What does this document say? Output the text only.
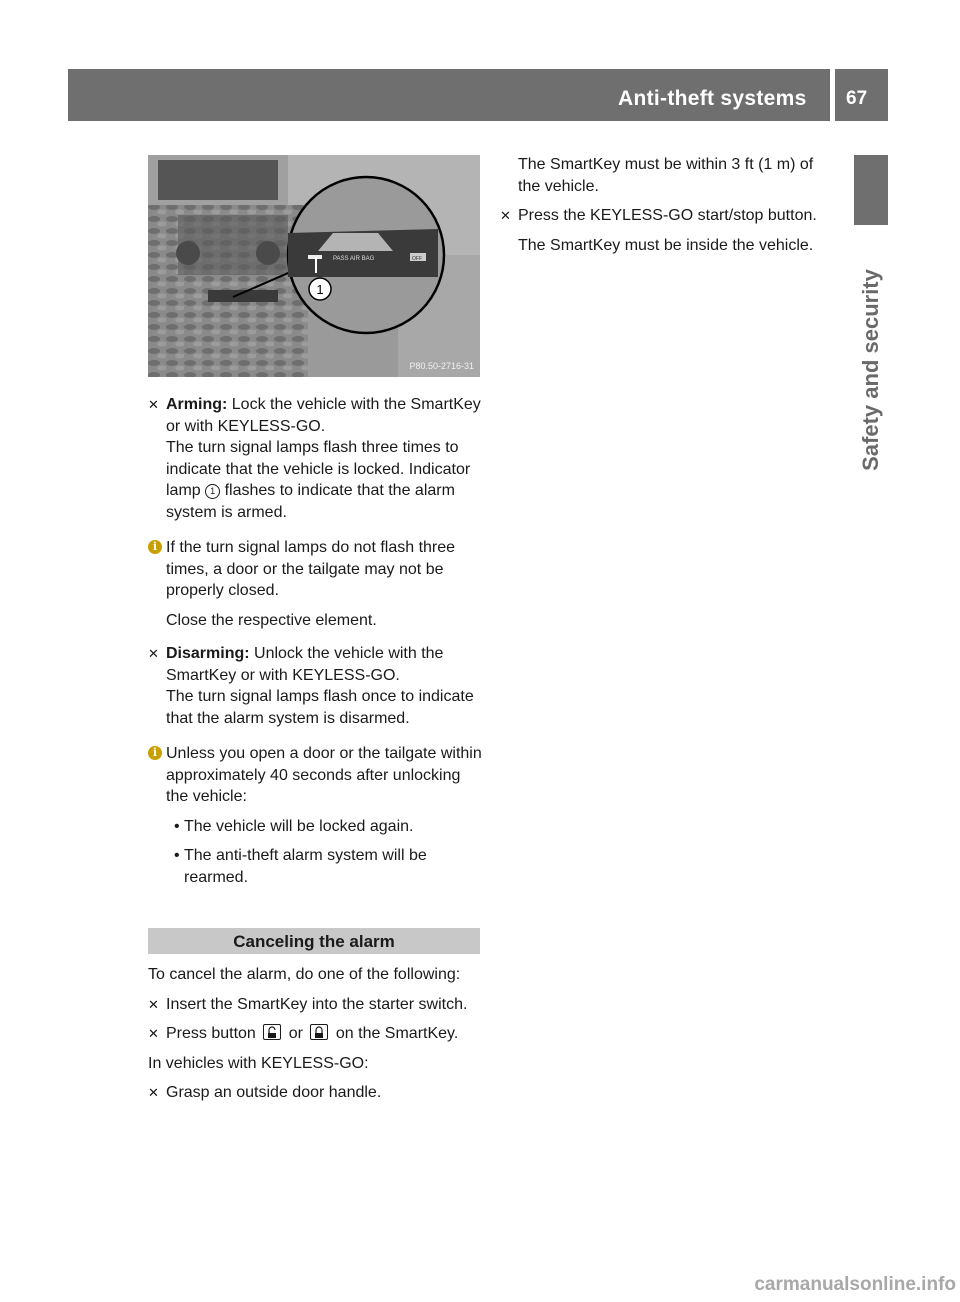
Anti-theft systems 67
Safety and security
PASS AIR BAG	OFF
1
P80.50-2716-31
✕ Arming: Lock the vehicle with the SmartKey or with KEYLESS-GO.
The turn signal lamps flash three times to indicate that the vehicle is locked. Indicator lamp 1 flashes to indicate that the alarm system is armed.
i If the turn signal lamps do not flash three times, a door or the tailgate may not be properly closed.
Close the respective element.
✕ Disarming: Unlock the vehicle with the SmartKey or with KEYLESS-GO.
The turn signal lamps flash once to indicate that the alarm system is disarmed.
i Unless you open a door or the tailgate within approximately 40 seconds after unlocking the vehicle:
• The vehicle will be locked again.
• The anti-theft alarm system will be rearmed.
Canceling the alarm
To cancel the alarm, do one of the following:
✕ Insert the SmartKey into the starter switch.
✕ Press button or on the SmartKey.
In vehicles with KEYLESS-GO:
✕ Grasp an outside door handle.
The SmartKey must be within 3 ft (1 m) of the vehicle.
✕ Press the KEYLESS-GO start/stop button.
The SmartKey must be inside the vehicle.
carmanualsonline.info
